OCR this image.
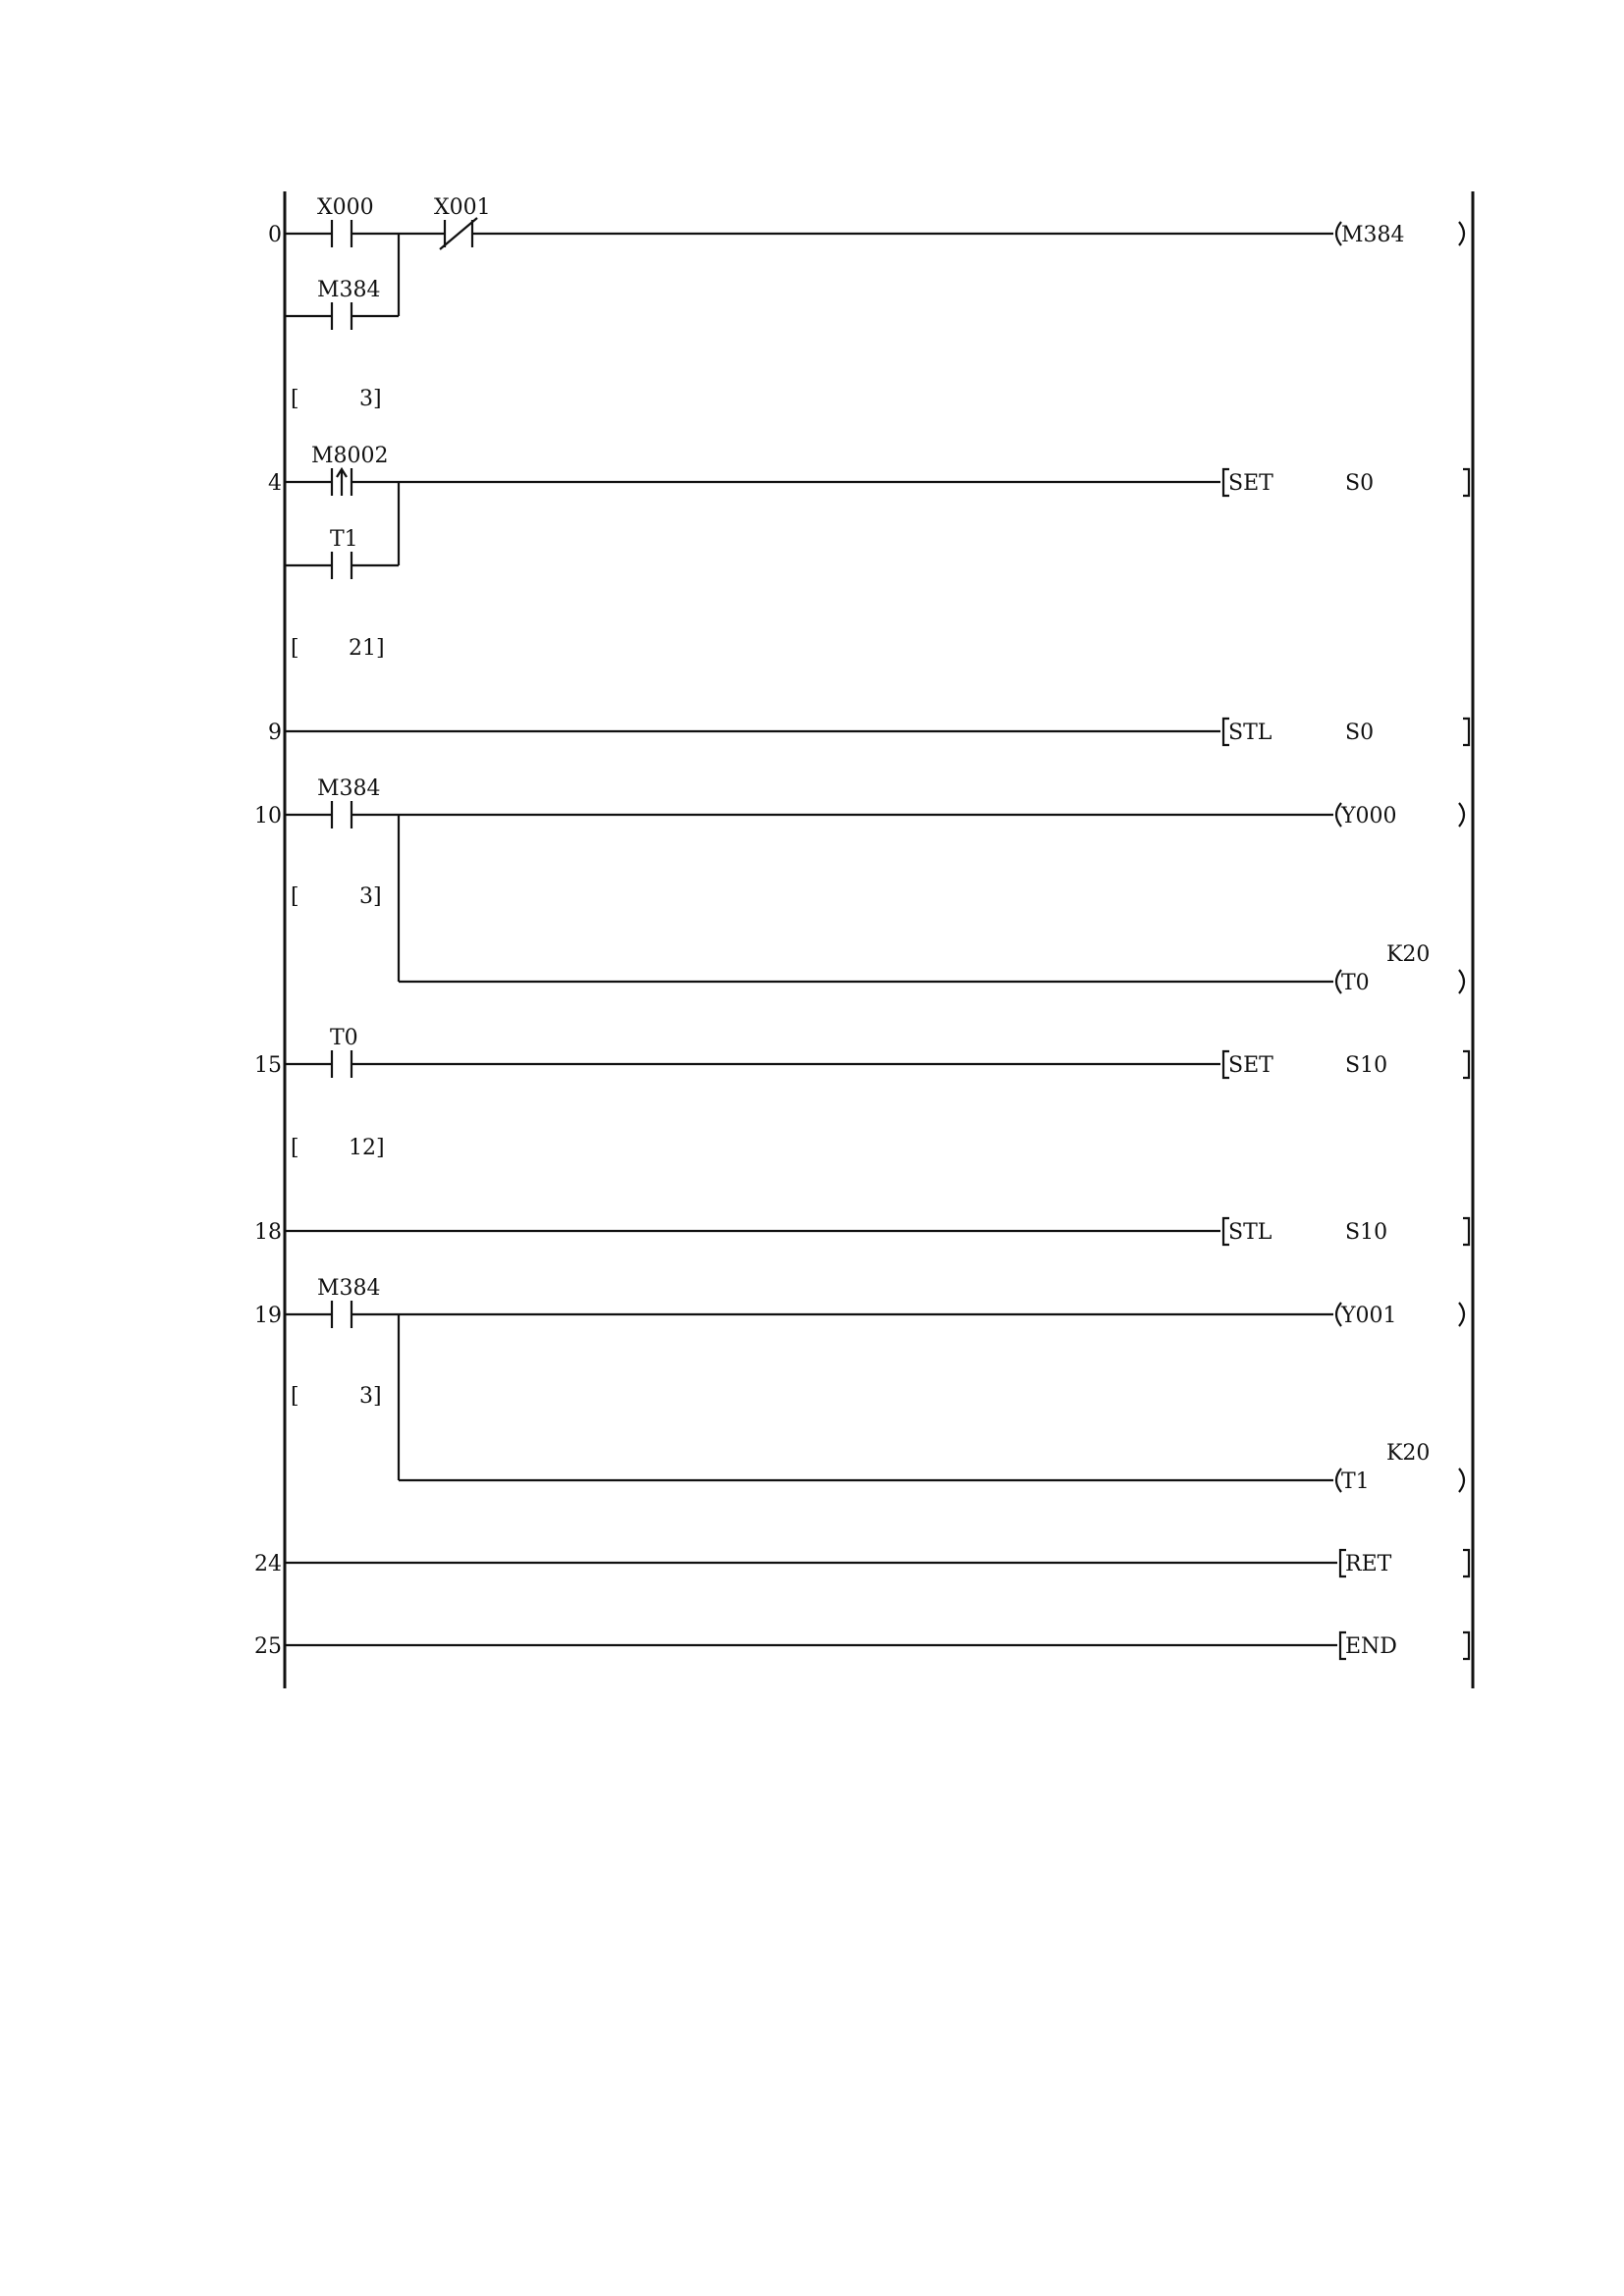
0
X000	X001
M384
M384
[	3]
4
M8002
T1
SET	S0
[ 21]
9	STL	S0
10
M384
Y000
T0
K20
[	3]
15
T0
SET	S10
[ 12]
18	STL	S10
19
M384
Y001
T1
K20
[	3]
24	RET
25	END
